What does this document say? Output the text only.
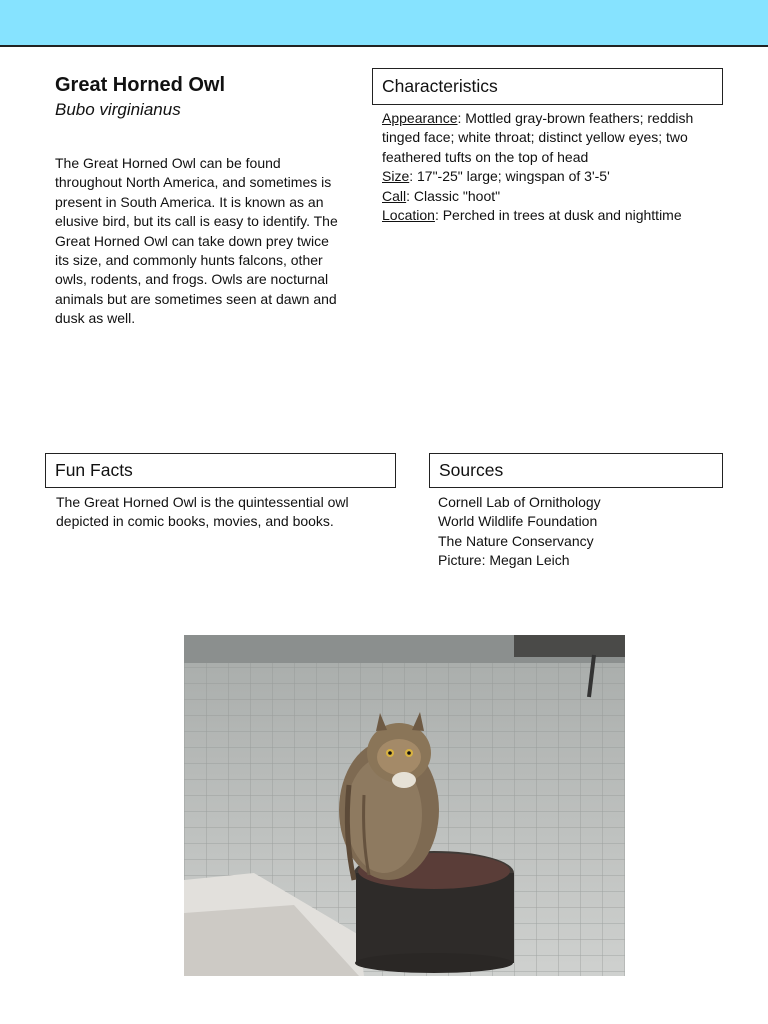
Great Horned Owl

Bubo virginianus

The Great Horned Owl can be found throughout North America, and sometimes is present in South America. It is known as an elusive bird, but its call is easy to identify. The Great Horned Owl can take down prey twice its size, and commonly hunts falcons, other owls, rodents, and frogs. Owls are nocturnal animals but are sometimes seen at dawn and dusk as well.

Characteristics
Appearance: Mottled gray-brown feathers; reddish tinged face; white throat; distinct yellow eyes; two feathered tufts on the top of head
Size: 17"-25" large; wingspan of 3'-5'
Call: Classic "hoot"
Location: Perched in trees at dusk and nighttime
Fun Facts

The Great Horned Owl is the quintessential owl depicted in comic books, movies, and books.

Sources
Cornell Lab of Ornithology
World Wildlife Foundation
The Nature Conservancy
Picture: Megan Leich
